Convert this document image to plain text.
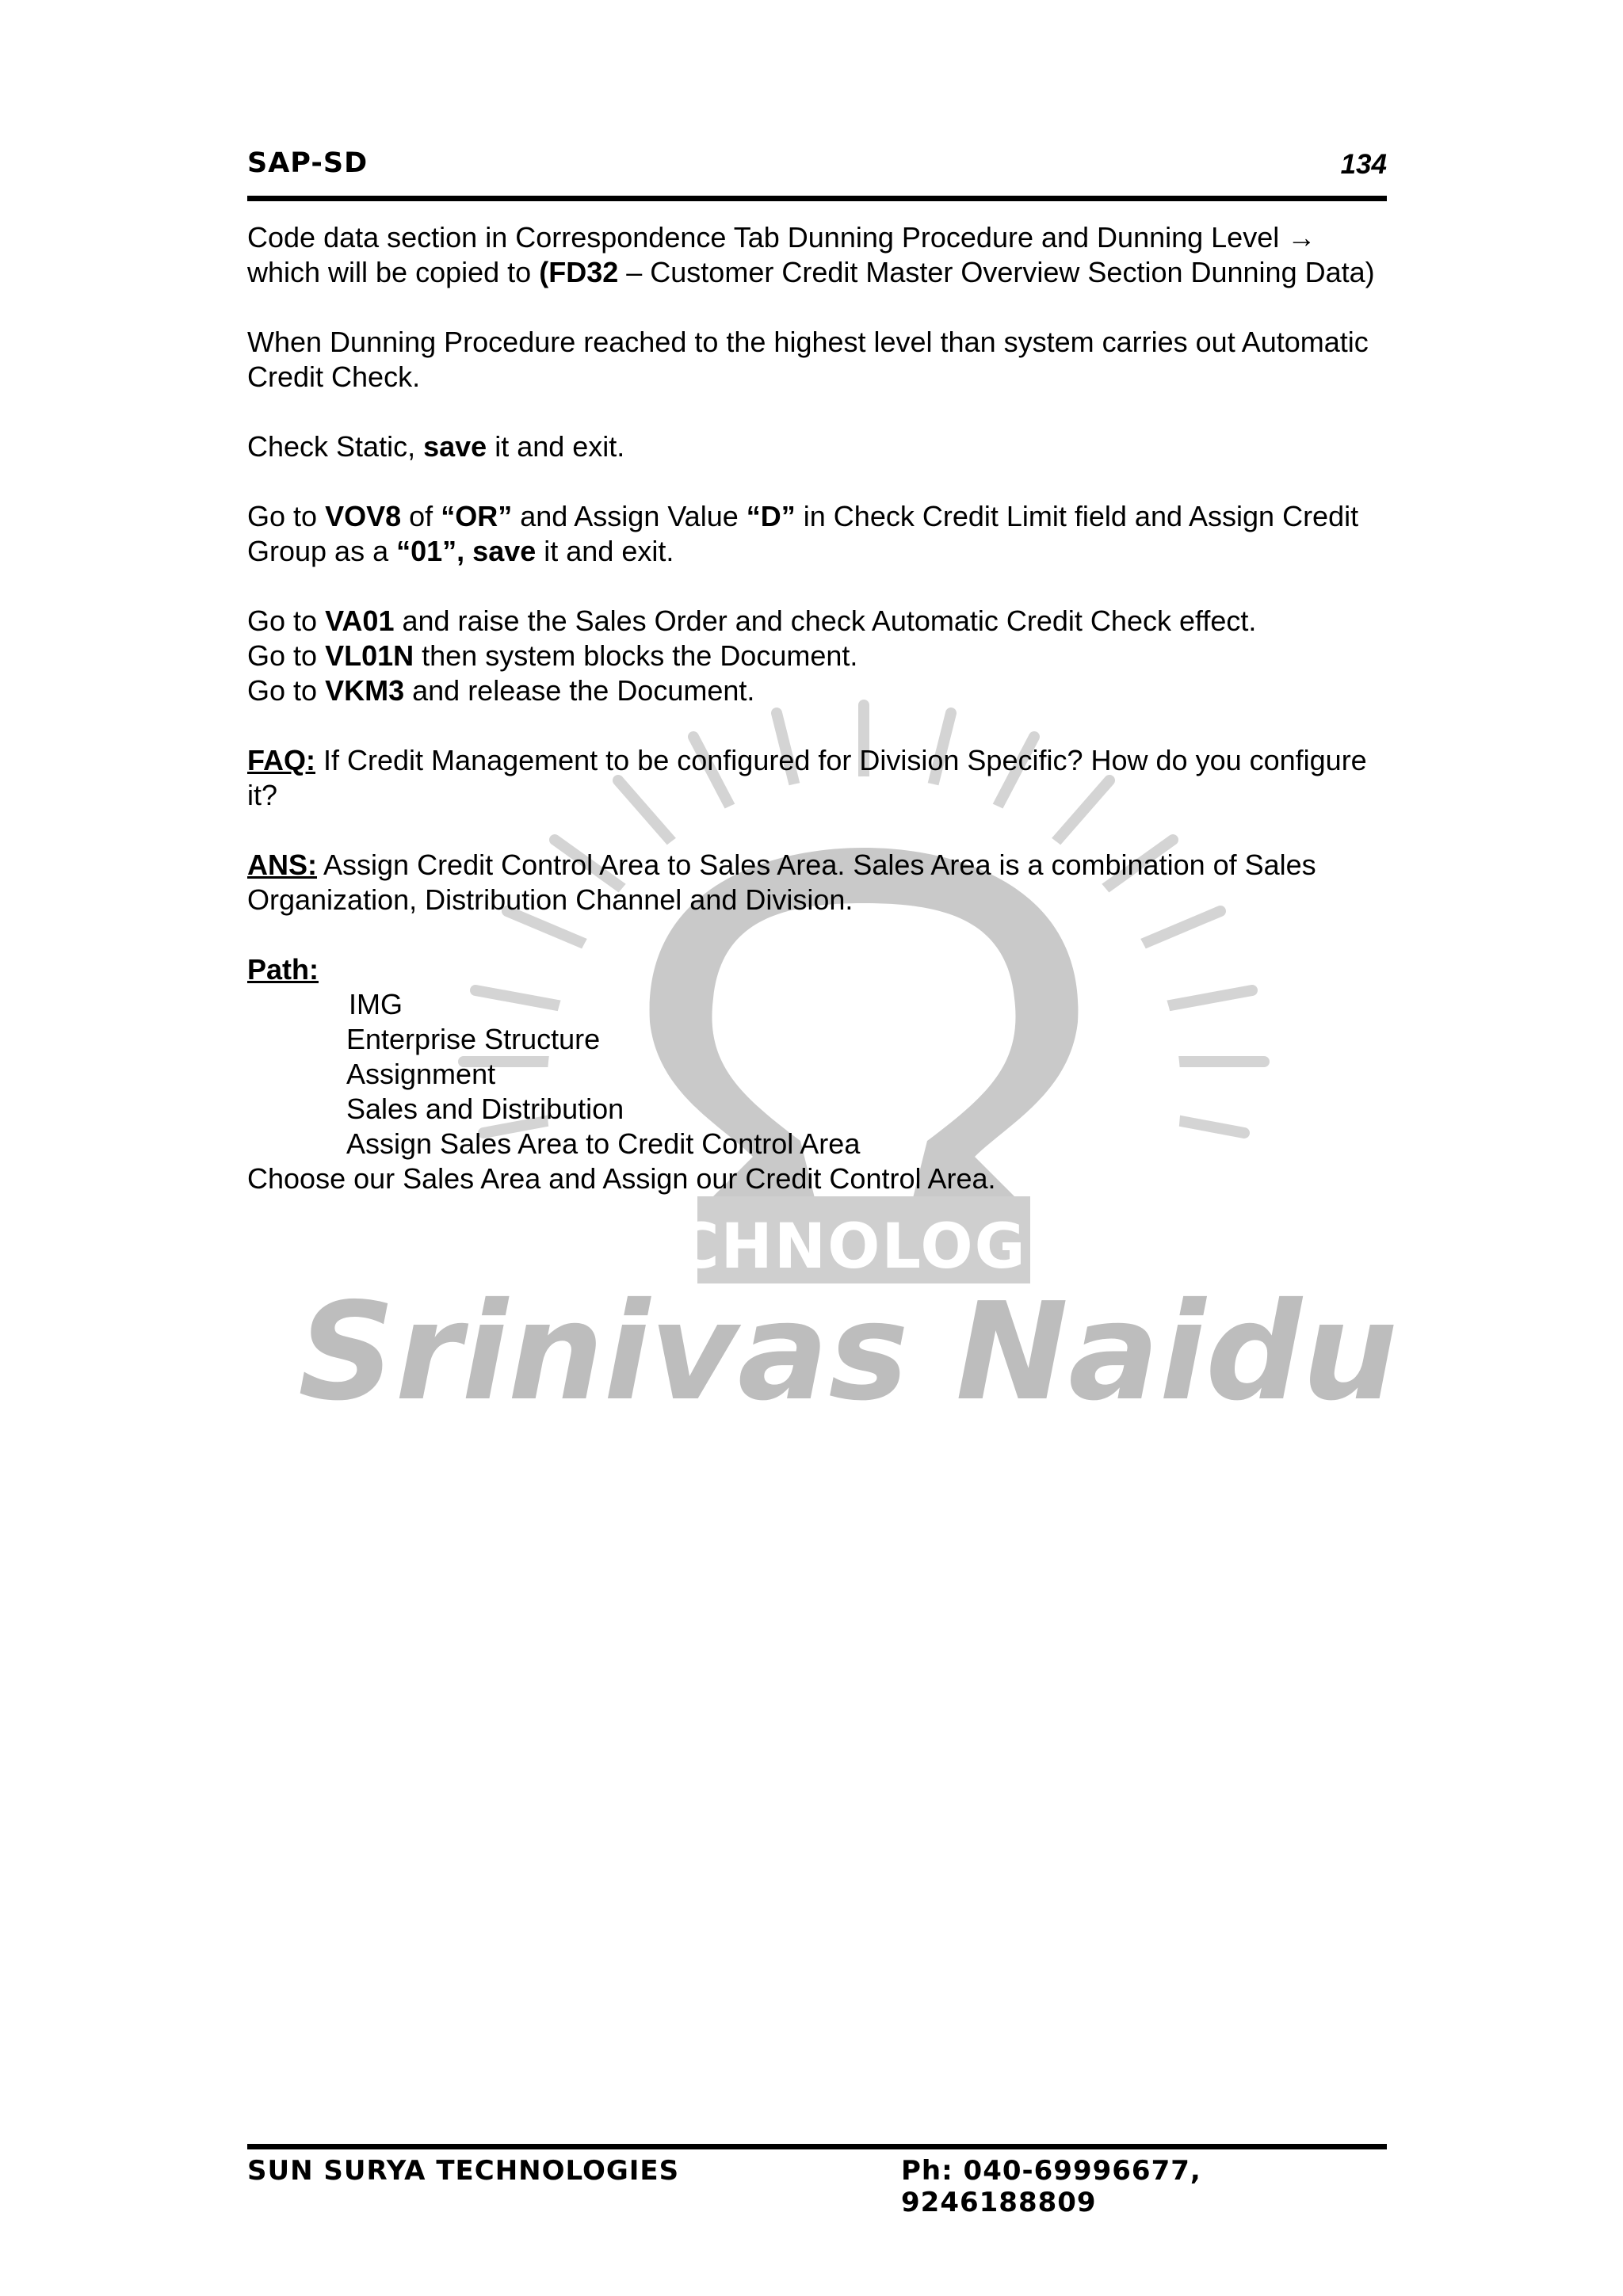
TECHNOLOGIES
Srinivas Naidu
SAP-SD	134

Code data section in Correspondence Tab Dunning Procedure and Dunning Level → which will be copied to (FD32 – Customer Credit Master Overview Section Dunning Data)

When Dunning Procedure reached to the highest level than system carries out Automatic Credit Check.

Check Static, save it and exit.

Go to VOV8 of “OR” and Assign Value “D” in Check Credit Limit field and Assign Credit Group as a “01”, save it and exit.

Go to VA01 and raise the Sales Order and check Automatic Credit Check effect.

Go to VL01N then system blocks the Document.

Go to VKM3 and release the Document.

FAQ: If Credit Management to be configured for Division Specific? How do you configure it?

ANS: Assign Credit Control Area to Sales Area. Sales Area is a combination of Sales Organization, Distribution Channel and Division.

Path:

IMG

Enterprise Structure

Assignment

Sales and Distribution

Assign Sales Area to Credit Control Area

Choose our Sales Area and Assign our Credit Control Area.

SUN SURYA TECHNOLOGIES	Ph: 040-69996677, 9246188809
